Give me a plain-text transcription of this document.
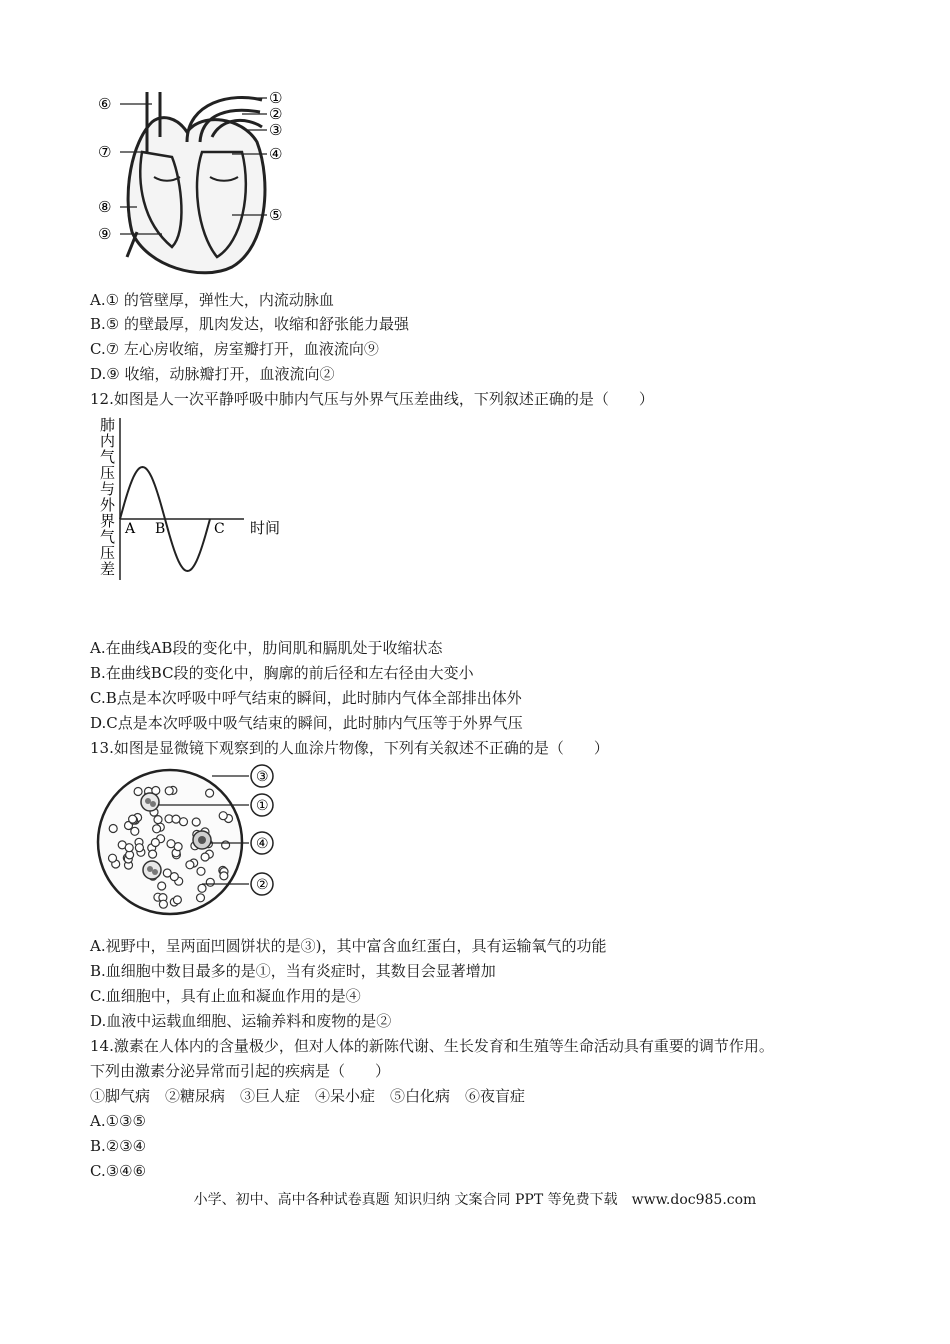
⑥
⑦
⑧
⑨
①
②
③
④
⑤
A.① 的管壁厚，弹性大，内流动脉血
B.⑤ 的壁最厚，肌肉发达，收缩和舒张能力最强
C.⑦ 左心房收缩，房室瓣打开，血液流向⑨
D.⑨ 收缩，动脉瓣打开，血液流向②
12.如图是人一次平静呼吸中肺内气压与外界气压差曲线，下列叙述正确的是（　　）
肺
内
气
压
与
外
界
气
压
差
A B	C 时间
A.在曲线AB段的变化中，肋间肌和膈肌处于收缩状态
B.在曲线BC段的变化中，胸廓的前后径和左右径由大变小
C.B点是本次呼吸中呼气结束的瞬间，此时肺内气体全部排出体外
D.C点是本次呼吸中吸气结束的瞬间，此时肺内气压等于外界气压
13.如图是显微镜下观察到的人血涂片物像，下列有关叙述不正确的是（　　）
③
①
④
②
A.视野中，呈两面凹圆饼状的是③)，其中富含血红蛋白，具有运输氧气的功能
B.血细胞中数目最多的是①，当有炎症时，其数目会显著增加
C.血细胞中，具有止血和凝血作用的是④
D.血液中运载血细胞、运输养料和废物的是②
14.激素在人体内的含量极少，但对人体的新陈代谢、生长发育和生殖等生命活动具有重要的调节作用。
下列由激素分泌异常而引起的疾病是（　　）
①脚气病　②糖尿病　③巨人症　④呆小症　⑤白化病　⑥夜盲症
A.①③⑤
B.②③④
C.③④⑥
小学、初中、高中各种试卷真题 知识归纳 文案合同 PPT 等免费下载　www.doc985.com
